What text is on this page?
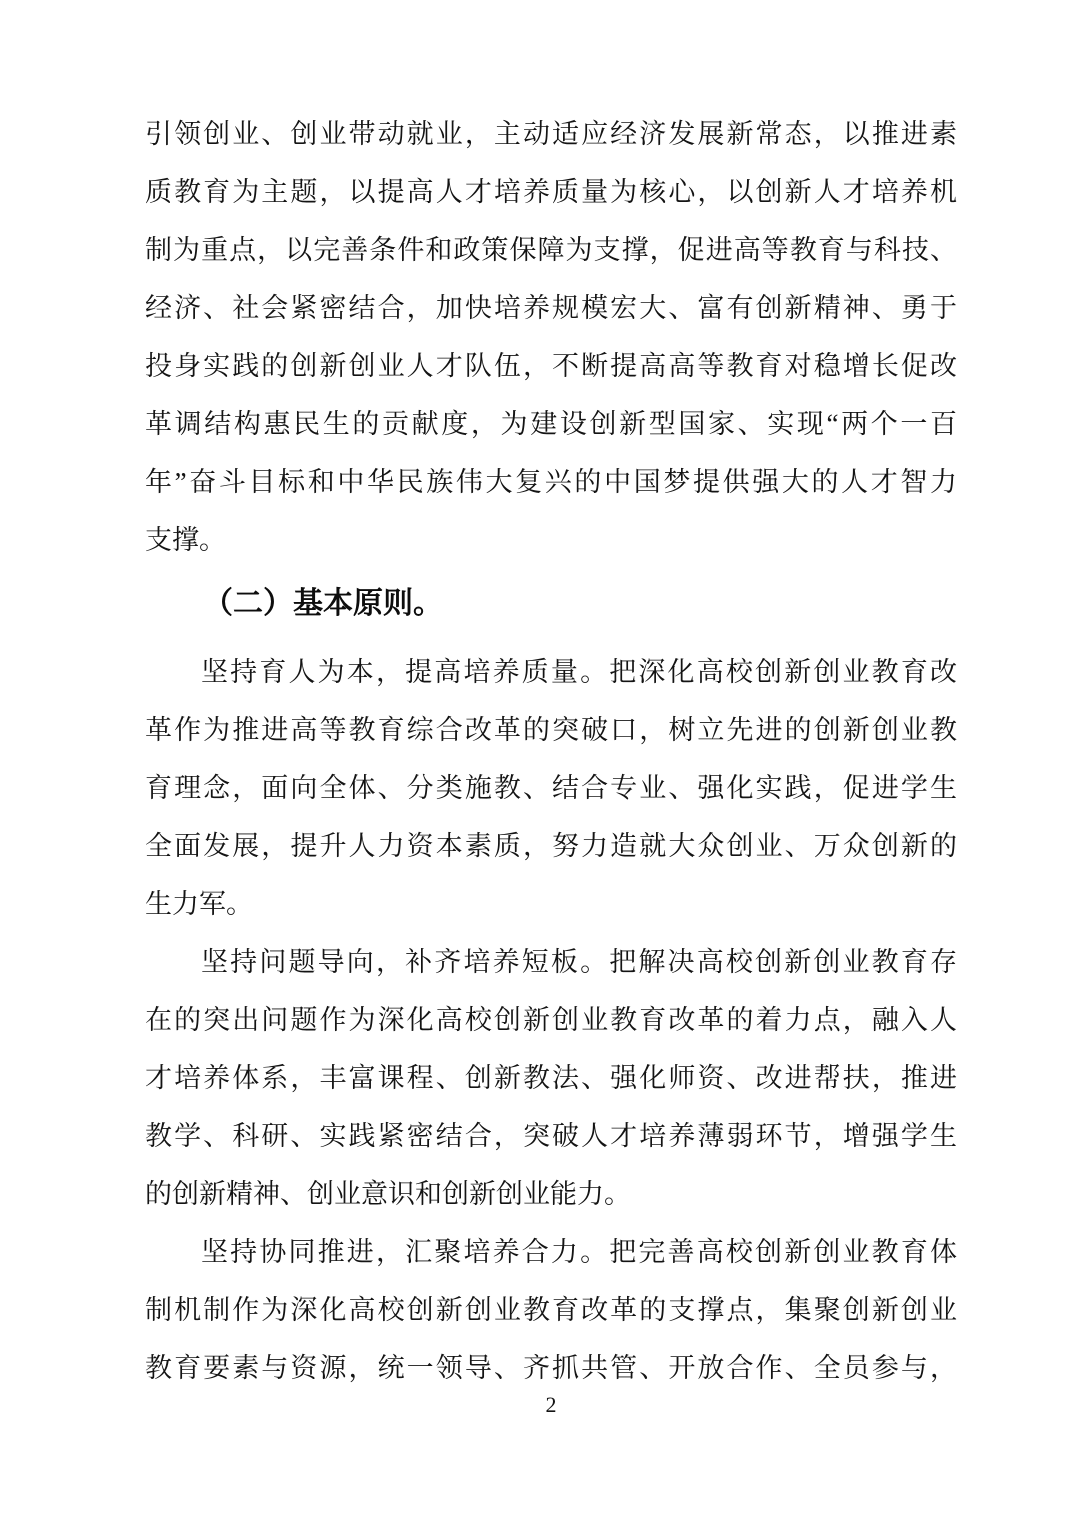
引领创业、创业带动就业，主动适应经济发展新常态，以推进素
质教育为主题，以提高人才培养质量为核心，以创新人才培养机
制为重点，以完善条件和政策保障为支撑，促进高等教育与科技、
经济、社会紧密结合，加快培养规模宏大、富有创新精神、勇于
投身实践的创新创业人才队伍，不断提高高等教育对稳增长促改
革调结构惠民生的贡献度，为建设创新型国家、实现“两个一百
年”奋斗目标和中华民族伟大复兴的中国梦提供强大的人才智力
支撑。
（二）基本原则。
坚持育人为本，提高培养质量。把深化高校创新创业教育改
革作为推进高等教育综合改革的突破口，树立先进的创新创业教
育理念，面向全体、分类施教、结合专业、强化实践，促进学生
全面发展，提升人力资本素质，努力造就大众创业、万众创新的
生力军。
坚持问题导向，补齐培养短板。把解决高校创新创业教育存
在的突出问题作为深化高校创新创业教育改革的着力点，融入人
才培养体系，丰富课程、创新教法、强化师资、改进帮扶，推进
教学、科研、实践紧密结合，突破人才培养薄弱环节，增强学生
的创新精神、创业意识和创新创业能力。
坚持协同推进，汇聚培养合力。把完善高校创新创业教育体
制机制作为深化高校创新创业教育改革的支撑点，集聚创新创业
教育要素与资源，统一领导、齐抓共管、开放合作、全员参与，
2
